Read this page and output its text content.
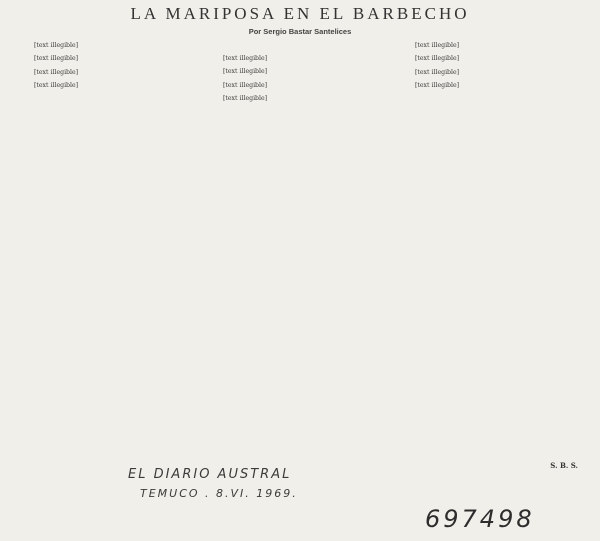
LA MARIPOSA EN EL BARBECHO
Por Sergio Bastar Santelices

[text illegible]

[text illegible]

[text illegible]

[text illegible]

[text illegible]

[text illegible]

[text illegible]

[text illegible]

[text illegible]

[text illegible]

[text illegible]

[text illegible]

S. B. S.
EL DIARIO AUSTRAL
TEMUCO . 8.VI. 1969.
697498
